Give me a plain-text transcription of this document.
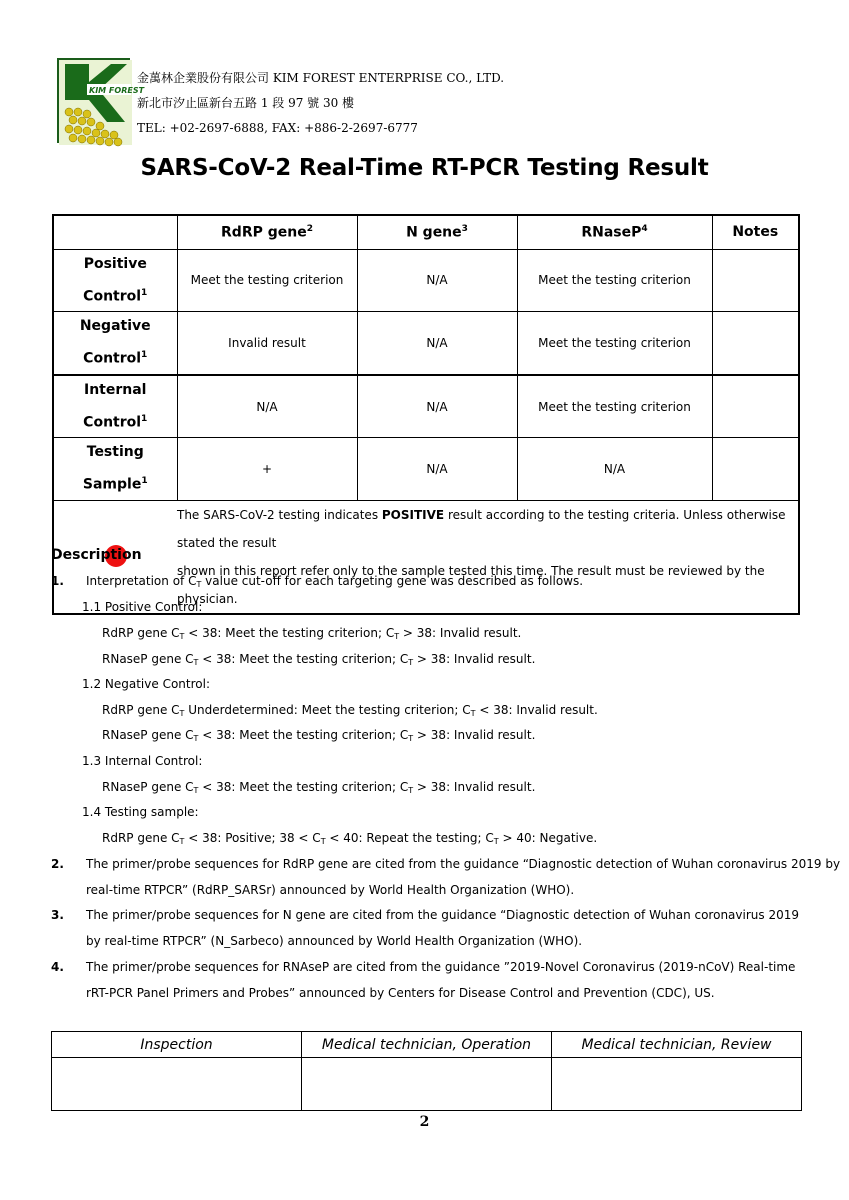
KIM FOREST
金萬林企業股份有限公司 KIM FOREST ENTERPRISE CO., LTD.
新北市汐止區新台五路 1 段 97 號 30 樓
TEL: +02-2697-6888, FAX: +886-2-2697-6777
SARS-CoV-2 Real-Time RT-PCR Testing Result
	RdRP gene$^2$	N gene$^3$	RNaseP$^4$	Notes
Positive
Control$^1$	Meet the testing criterion	N/A	Meet the testing criterion	
Negative
Control$^1$	Invalid result	N/A	Meet the testing criterion	
Internal
Control$^1$	N/A	N/A	Meet the testing criterion	
Testing
Sample$^1$	+	N/A	N/A	
	The SARS-CoV-2 testing indicates POSITIVE result according to the testing criteria. Unless otherwise stated the result
shown in this report refer only to the sample tested this time. The result must be reviewed by the physician.			
Description
1. Interpretation of CT value cut-off for each targeting gene was described as follows.
1.1 Positive Control:
RdRP gene CT < 38: Meet the testing criterion; CT > 38: Invalid result.
RNaseP gene CT < 38: Meet the testing criterion; CT > 38: Invalid result.
1.2 Negative Control:
RdRP gene CT Underdetermined: Meet the testing criterion; CT < 38: Invalid result.
RNaseP gene CT < 38: Meet the testing criterion; CT > 38: Invalid result.
1.3 Internal Control:
RNaseP gene CT < 38: Meet the testing criterion; CT > 38: Invalid result.
1.4 Testing sample:
RdRP gene CT < 38: Positive; 38 < CT < 40: Repeat the testing; CT > 40: Negative.
2. The primer/probe sequences for RdRP gene are cited from the guidance “Diagnostic detection of Wuhan coronavirus 2019 by
real-time RTPCR” (RdRP_SARSr) announced by World Health Organization (WHO).
3. The primer/probe sequences for N gene are cited from the guidance “Diagnostic detection of Wuhan coronavirus 2019
by real-time RTPCR” (N_Sarbeco) announced by World Health Organization (WHO).
4. The primer/probe sequences for RNAseP are cited from the guidance ”2019-Novel Coronavirus (2019-nCoV) Real-time
rRT-PCR Panel Primers and Probes” announced by Centers for Disease Control and Prevention (CDC), US.
Inspection	Medical technician, Operation	Medical technician, Review

2
